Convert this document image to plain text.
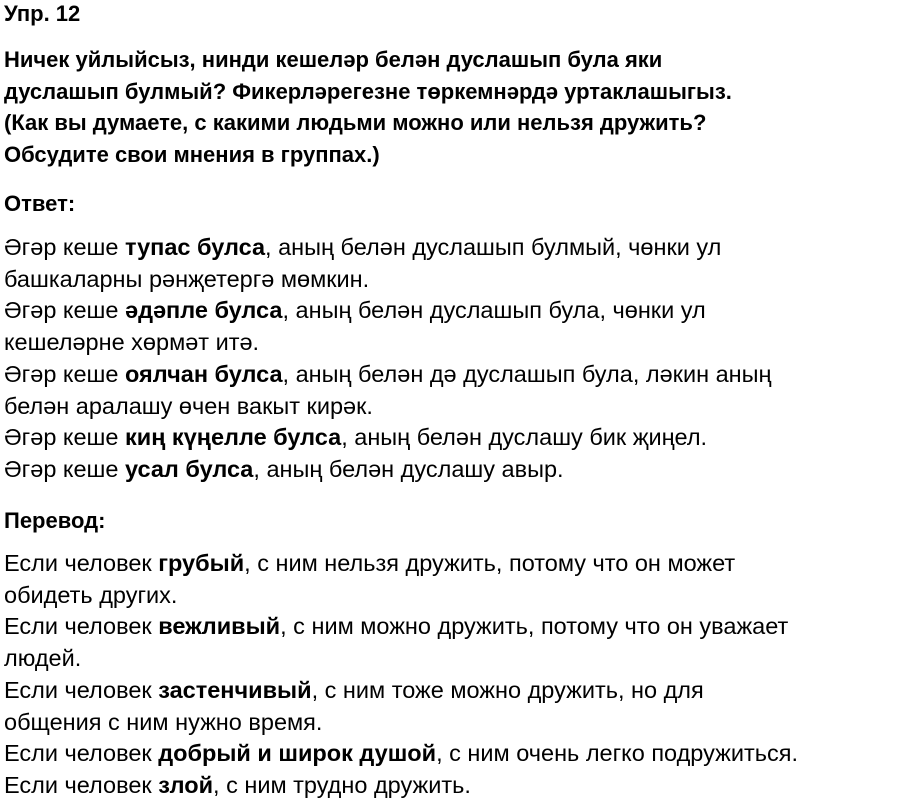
Упр. 12
Ничек уйлыйсыз, нинди кешеләр белән дуслашып була яки
дуслашып булмый? Фикерләрегезне төркемнәрдә уртаклашыгыз.
(Как вы думаете, с какими людьми можно или нельзя дружить?
Обсудите свои мнения в группах.)
Ответ:
Әгәр кеше тупас булса, аның белән дуслашып булмый, чөнки ул
башкаларны рәнҗетергә мөмкин.
Әгәр кеше әдәпле булса, аның белән дуслашып була, чөнки ул
кешеләрне хөрмәт итә.
Әгәр кеше оялчан булса, аның белән дә дуслашып була, ләкин аның
белән аралашу өчен вакыт кирәк.
Әгәр кеше киң күңелле булса, аның белән дуслашу бик җиңел.
Әгәр кеше усал булса, аның белән дуслашу авыр.
Перевод:
Если человек грубый, с ним нельзя дружить, потому что он может
обидеть других.
Если человек вежливый, с ним можно дружить, потому что он уважает
людей.
Если человек застенчивый, с ним тоже можно дружить, но для
общения с ним нужно время.
Если человек добрый и широк душой, с ним очень легко подружиться.
Если человек злой, с ним трудно дружить.
